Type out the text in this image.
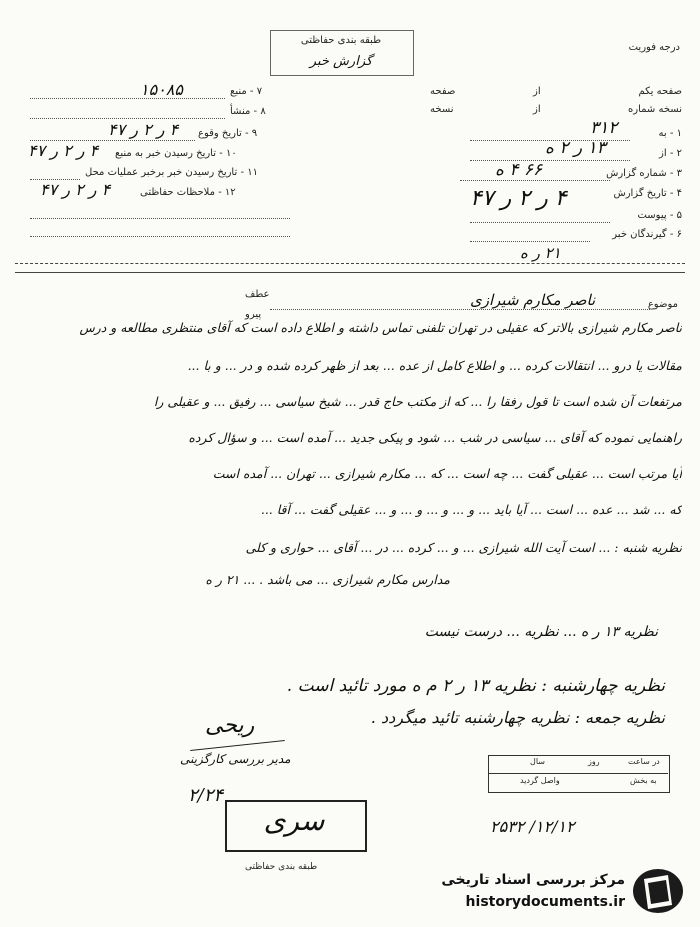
طبقه بندی حفاظتی
گزارش خبر
درجه فوریت
صفحه یکم
از
صفحه
نسخه شماره
از
نسخه
۱ - به
۳۱۲
۲ - از
۱۳ ر ۲ ه
۳ - شماره گزارش
۶۶ ۴ ه
۴ - تاریخ گزارش
۴ ر ۲ ر ۴۷
۵ - پیوست
۶ - گیرندگان خبر
۲۱ ر ه
۷ - منبع
۱۵۰۸۵
۸ - منشأ
۹ - تاریخ وقوع
۴ ر ۲ ر ۴۷
۱۰ - تاریخ رسیدن خبر به منبع
۴ ر ۲ ر ۴۷
۱۱ - تاریخ رسیدن خبر برخبر عملیات محل
۱۲ - ملاحظات حفاظتی
۴ ر ۲ ر ۴۷
عطف
پیرو
موضوع
ناصر مکارم شیرازی
ناصر مکارم شیرازی بالاتر که عقیلی در تهران تلفنی تماس داشته و اطلاع داده است که آقای منتظری مطالعه و درس
مقالات یا درو ... انتقالات کرده ... و اطلاع کامل از عده ... بعد از ظهر کرده شده و در ... و با ...
مرتفعات آن شده است تا قول رفقا را ... که از مکتب حاج قدر ... شیخ سیاسی ... رفیق ... و عقیلی را
راهنمایی نموده که آقای ... سیاسی در شب ... شود و پیکی جدید ... آمده است ... و سؤال کرده
آیا مرتب است ... عقیلی گفت ... چه است ... که ... مکارم شیرازی ... تهران ... آمده است
که ... شد ... عده ... است ... آیا باید ... و ... و ... و ... و ... عقیلی گفت ... آقا ...
نظریه شنبه : ... است آیت الله شیرازی ... و ... کرده ... در ... آقای ... حواری و کلی
مدارس مکارم شیرازی ... می باشد . ... ۲۱ ر ه
نظریه ۱۳ ر ه ... نظریه ... درست نیست
نظریه چهارشنبه : نظریه ۱۳ ر ۲ م ه مورد تائید است .
نظریه جمعه : نظریه چهارشنبه تائید میگردد .
ریحی
مدیر بررسی کارگزینی
۲/۲۴
در ساعت
روز
سال
به بخش
واصل گردید
سری	۲۵۳۲ /۱۲/۱۲
طبقه بندی حفاظتی
مرکز بررسی اسناد تاریخی
historydocuments.ir
